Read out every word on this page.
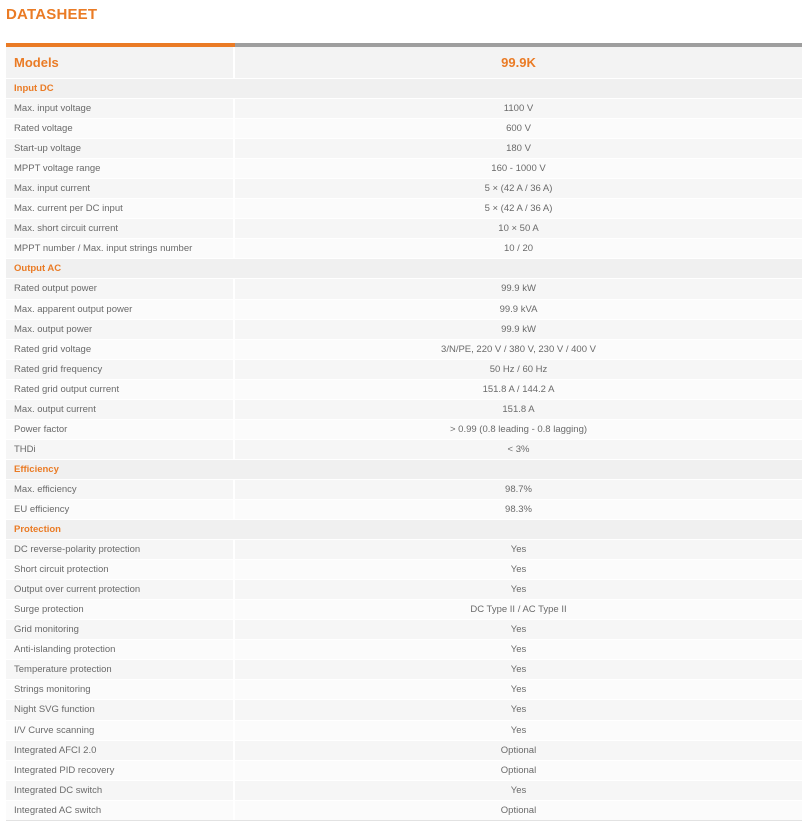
DATASHEET
Models	99.9K
Input DC
Max. input voltage	1100 V
Rated voltage	600 V
Start-up voltage	180 V
MPPT voltage range	160 - 1000 V
Max. input current	5 × (42 A / 36 A)
Max. current per DC input	5 × (42 A / 36 A)
Max. short circuit current	10 × 50 A
MPPT number / Max. input strings number	10 / 20
Output AC
Rated output power	99.9 kW
Max. apparent output power	99.9 kVA
Max. output power	99.9 kW
Rated grid voltage	3/N/PE, 220 V / 380 V, 230 V / 400 V
Rated grid frequency	50 Hz / 60 Hz
Rated grid output current	151.8 A / 144.2 A
Max. output current	151.8 A
Power factor	> 0.99 (0.8 leading - 0.8 lagging)
THDi	< 3%
Efficiency
Max. efficiency	98.7%
EU efficiency	98.3%
Protection
DC reverse-polarity protection	Yes
Short circuit protection	Yes
Output over current protection	Yes
Surge protection	DC Type II / AC Type II
Grid monitoring	Yes
Anti-islanding protection	Yes
Temperature protection	Yes
Strings monitoring	Yes
Night SVG function	Yes
I/V Curve scanning	Yes
Integrated AFCI 2.0	Optional
Integrated PID recovery	Optional
Integrated DC switch	Yes
Integrated AC switch	Optional
